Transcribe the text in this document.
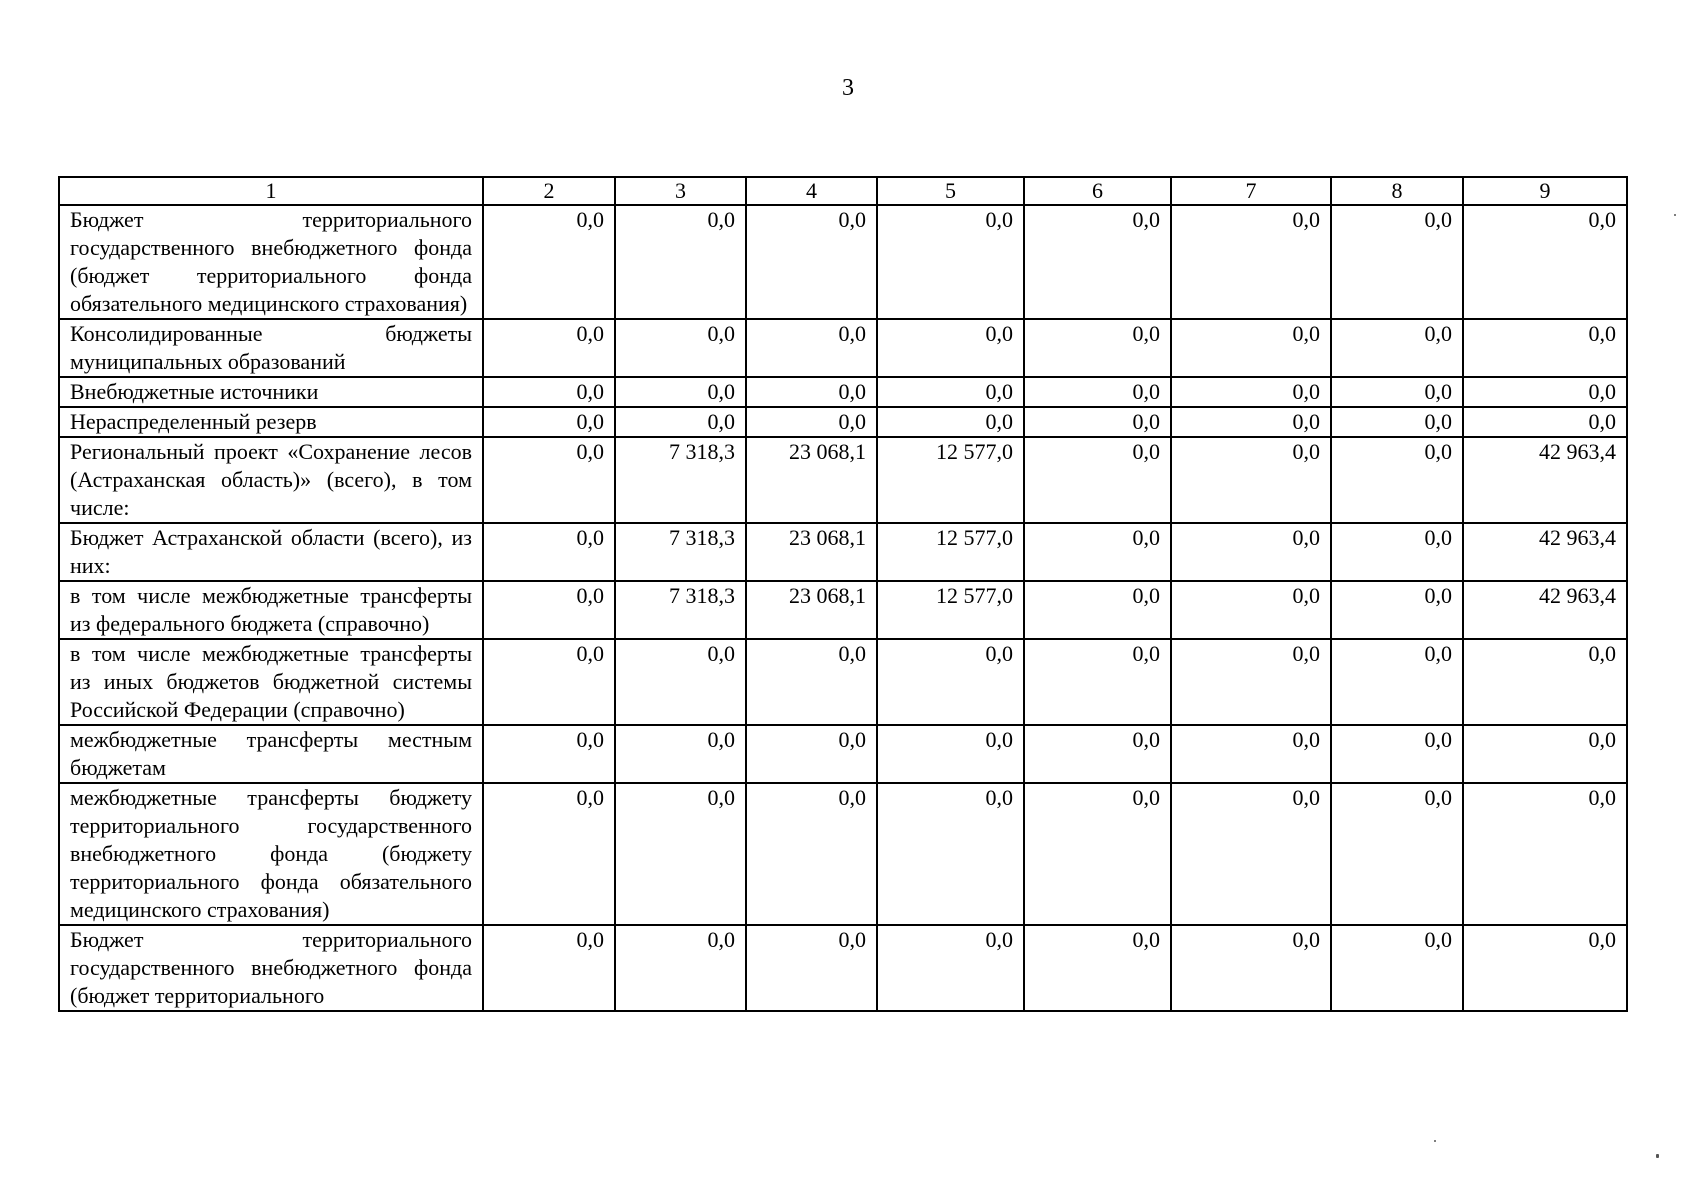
3
1	2	3	4	5	6	7	8	9
Бюджет территориального государственного внебюджетного фонда (бюджет территориального фонда обязательного медицинского страхования)	0,0	0,0	0,0	0,0	0,0	0,0	0,0	0,0
Консолидированные бюджеты муниципальных образований	0,0	0,0	0,0	0,0	0,0	0,0	0,0	0,0
Внебюджетные источники	0,0	0,0	0,0	0,0	0,0	0,0	0,0	0,0
Нераспределенный резерв	0,0	0,0	0,0	0,0	0,0	0,0	0,0	0,0
Региональный проект «Сохранение лесов (Астраханская область)» (всего), в том числе:	0,0	7 318,3	23 068,1	12 577,0	0,0	0,0	0,0	42 963,4
Бюджет Астраханской области (всего), из них:	0,0	7 318,3	23 068,1	12 577,0	0,0	0,0	0,0	42 963,4
в том числе межбюджетные трансферты из федерального бюджета (справочно)	0,0	7 318,3	23 068,1	12 577,0	0,0	0,0	0,0	42 963,4
в том числе межбюджетные трансферты из иных бюджетов бюджетной системы Российской Федерации (справочно)	0,0	0,0	0,0	0,0	0,0	0,0	0,0	0,0
межбюджетные трансферты местным бюджетам	0,0	0,0	0,0	0,0	0,0	0,0	0,0	0,0
межбюджетные трансферты бюджету территориального государственного внебюджетного фонда (бюджету территориального фонда обязательного медицинского страхования)	0,0	0,0	0,0	0,0	0,0	0,0	0,0	0,0
Бюджет территориального государственного внебюджетного фонда (бюджет территориального	0,0	0,0	0,0	0,0	0,0	0,0	0,0	0,0
